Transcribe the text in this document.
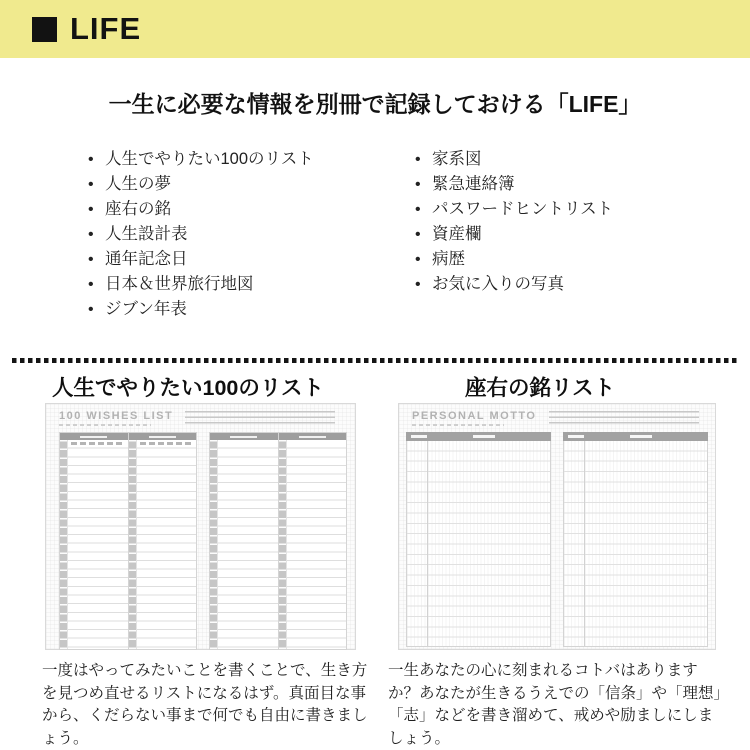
LIFE
一生に必要な情報を別冊で記録しておける「LIFE」
• 人生でやりたい100のリスト
• 人生の夢
• 座右の銘
• 人生設計表
• 通年記念日
• 日本＆世界旅行地図
• ジブン年表
• 家系図
• 緊急連絡簿
• パスワードヒントリスト
• 資産欄
• 病歴
• お気に入りの写真
人生でやりたい100のリスト	座右の銘リスト
100 WISHES LIST	PERSONAL MOTTO
一度はやってみたいことを書くことで、生き方を見つめ直せるリストになるはず。真面目な事から、くだらない事まで何でも自由に書きましょう。
一生あなたの心に刻まれるコトバはありますか？あなたが生きるうえでの「信条」や「理想」「志」などを書き溜めて、戒めや励ましにしましょう。
